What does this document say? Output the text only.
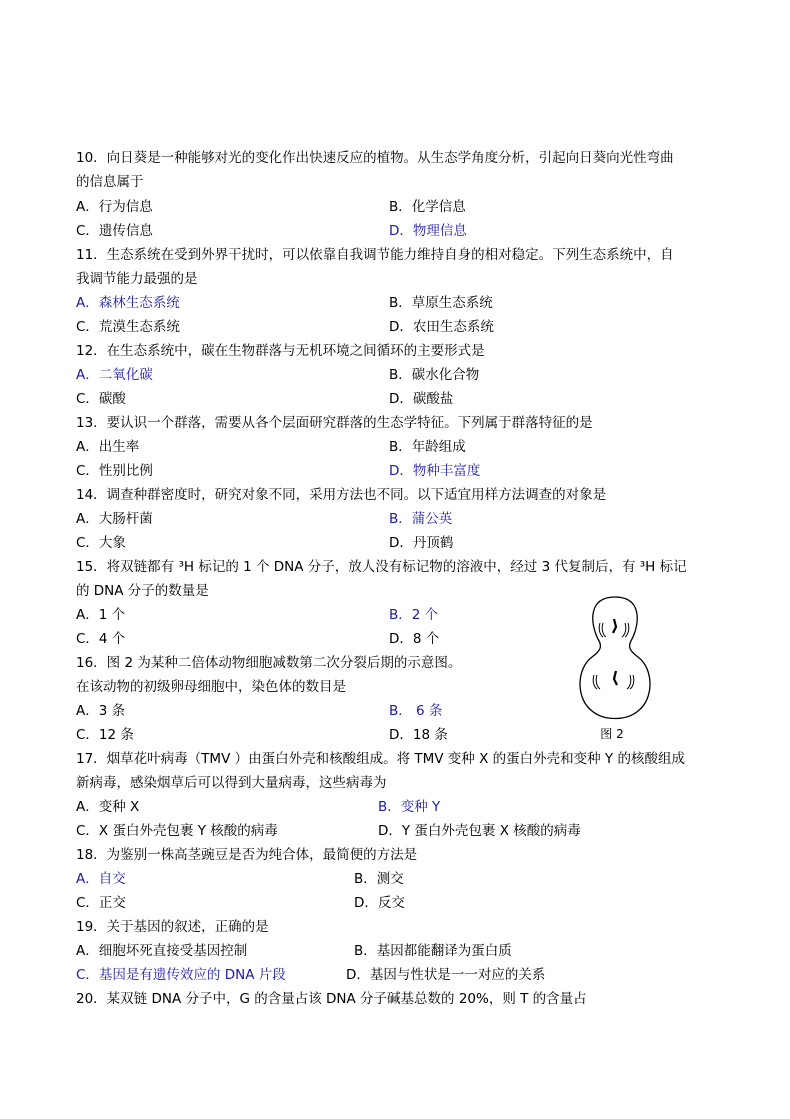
10．向日葵是一种能够对光的变化作出快速反应的植物。从生态学角度分析，引起向日葵向光性弯曲
的信息属于
A．行为信息	B．化学信息
C．遗传信息	D．物理信息
11．生态系统在受到外界干扰时，可以依靠自我调节能力维持自身的相对稳定。下列生态系统中，自
我调节能力最强的是
A．森林生态系统	B．草原生态系统
C．荒漠生态系统	D．农田生态系统
12．在生态系统中，碳在生物群落与无机环境之间循环的主要形式是
A．二氧化碳	B．碳水化合物
C．碳酸	D．碳酸盐
13．要认识一个群落，需要从各个层面研究群落的生态学特征。下列属于群落特征的是
A．出生率	B．年龄组成
C．性别比例	D．物种丰富度
14．调查种群密度时，研究对象不同，采用方法也不同。以下适宜用样方法调查的对象是
A．大肠杆菌	B．蒲公英
C．大象	D．丹顶鹤
15．将双链都有 ³H 标记的 1 个 DNA 分子，放人没有标记物的溶液中，经过 3 代复制后，有 ³H 标记
的 DNA 分子的数量是
A．1 个	B．2 个
C．4 个	D．8 个
图 2
16．图 2 为某种二倍体动物细胞减数第二次分裂后期的示意图。
在该动物的初级卵母细胞中，染色体的数目是
A．3 条	B． 6 条
C．12 条	D．18 条
17．烟草花叶病毒（TMV ）由蛋白外壳和核酸组成。将 TMV 变种 X 的蛋白外壳和变种 Y 的核酸组成
新病毒，感染烟草后可以得到大量病毒，这些病毒为
A．变种 X	B．变种 Y
C．X 蛋白外壳包裹 Y 核酸的病毒	D．Y 蛋白外壳包裹 X 核酸的病毒
18．为鉴别一株高茎豌豆是否为纯合体，最简便的方法是
A．自交	B．测交
C．正交	D．反交
19．关于基因的叙述，正确的是
A．细胞坏死直接受基因控制	B．基因都能翻译为蛋白质
C．基因是有遗传效应的 DNA 片段	D．基因与性状是一一对应的关系
20．某双链 DNA 分子中，G 的含量占该 DNA 分子碱基总数的 20%，则 T 的含量占
